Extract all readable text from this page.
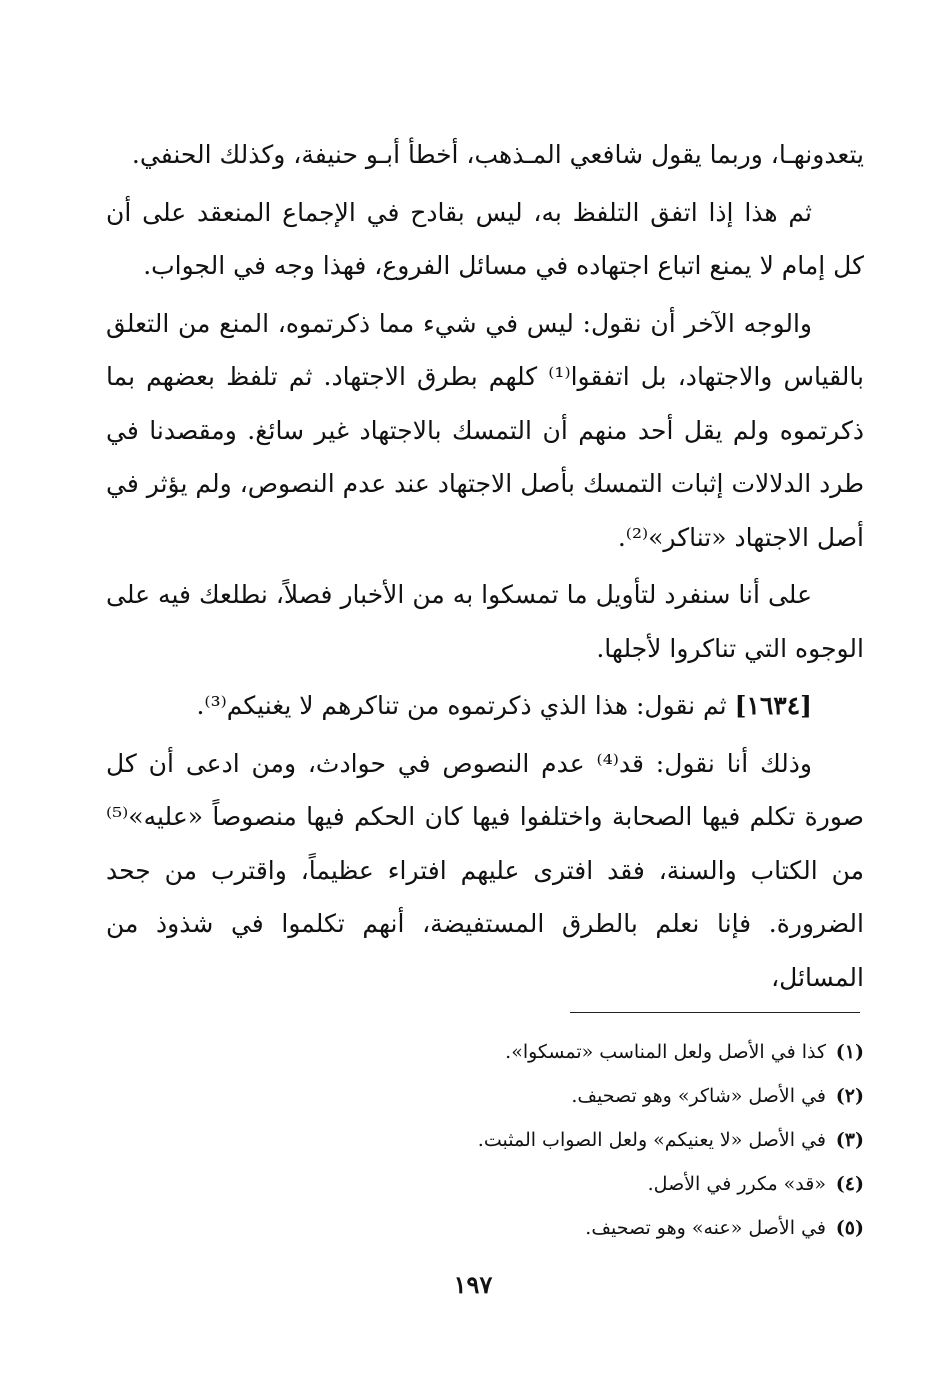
يتعدونهـا، وربما يقول شافعي المـذهب، أخطأ أبـو حنيفة، وكذلك الحنفي.

ثم هذا إذا اتفق التلفظ به، ليس بقادح في الإجماع المنعقد على أن كل إمام لا يمنع اتباع اجتهاده في مسائل الفروع، فهذا وجه في الجواب.

والوجه الآخر أن نقول: ليس في شيء مما ذكرتموه، المنع من التعلق بالقياس والاجتهاد، بل اتفقوا⁽¹⁾ كلهم بطرق الاجتهاد. ثم تلفظ بعضهم بما ذكرتموه ولم يقل أحد منهم أن التمسك بالاجتهاد غير سائغ. ومقصدنا في طرد الدلالات إثبات التمسك بأصل الاجتهاد عند عدم النصوص، ولم يؤثر في أصل الاجتهاد «تناكر»⁽²⁾.

على أنا سنفرد لتأويل ما تمسكوا به من الأخبار فصلاً، نطلعك فيه على الوجوه التي تناكروا لأجلها.

[١٦٣٤] ثم نقول: هذا الذي ذكرتموه من تناكرهم لا يغنيكم⁽³⁾.

وذلك أنا نقول: قد⁽⁴⁾ عدم النصوص في حوادث، ومن ادعى أن كل صورة تكلم فيها الصحابة واختلفوا فيها كان الحكم فيها منصوصاً «عليه»⁽⁵⁾ من الكتاب والسنة، فقد افترى عليهم افتراء عظيماً، واقترب من جحد الضرورة. فإنا نعلم بالطرق المستفيضة، أنهم تكلموا في شذوذ من المسائل،

(١)
كذا في الأصل ولعل المناسب «تمسكوا».
(٢)
في الأصل «شاكر» وهو تصحيف.
(٣)
في الأصل «لا يعنيكم» ولعل الصواب المثبت.
(٤)
«قد» مكرر في الأصل.
(٥)
في الأصل «عنه» وهو تصحيف.
١٩٧
